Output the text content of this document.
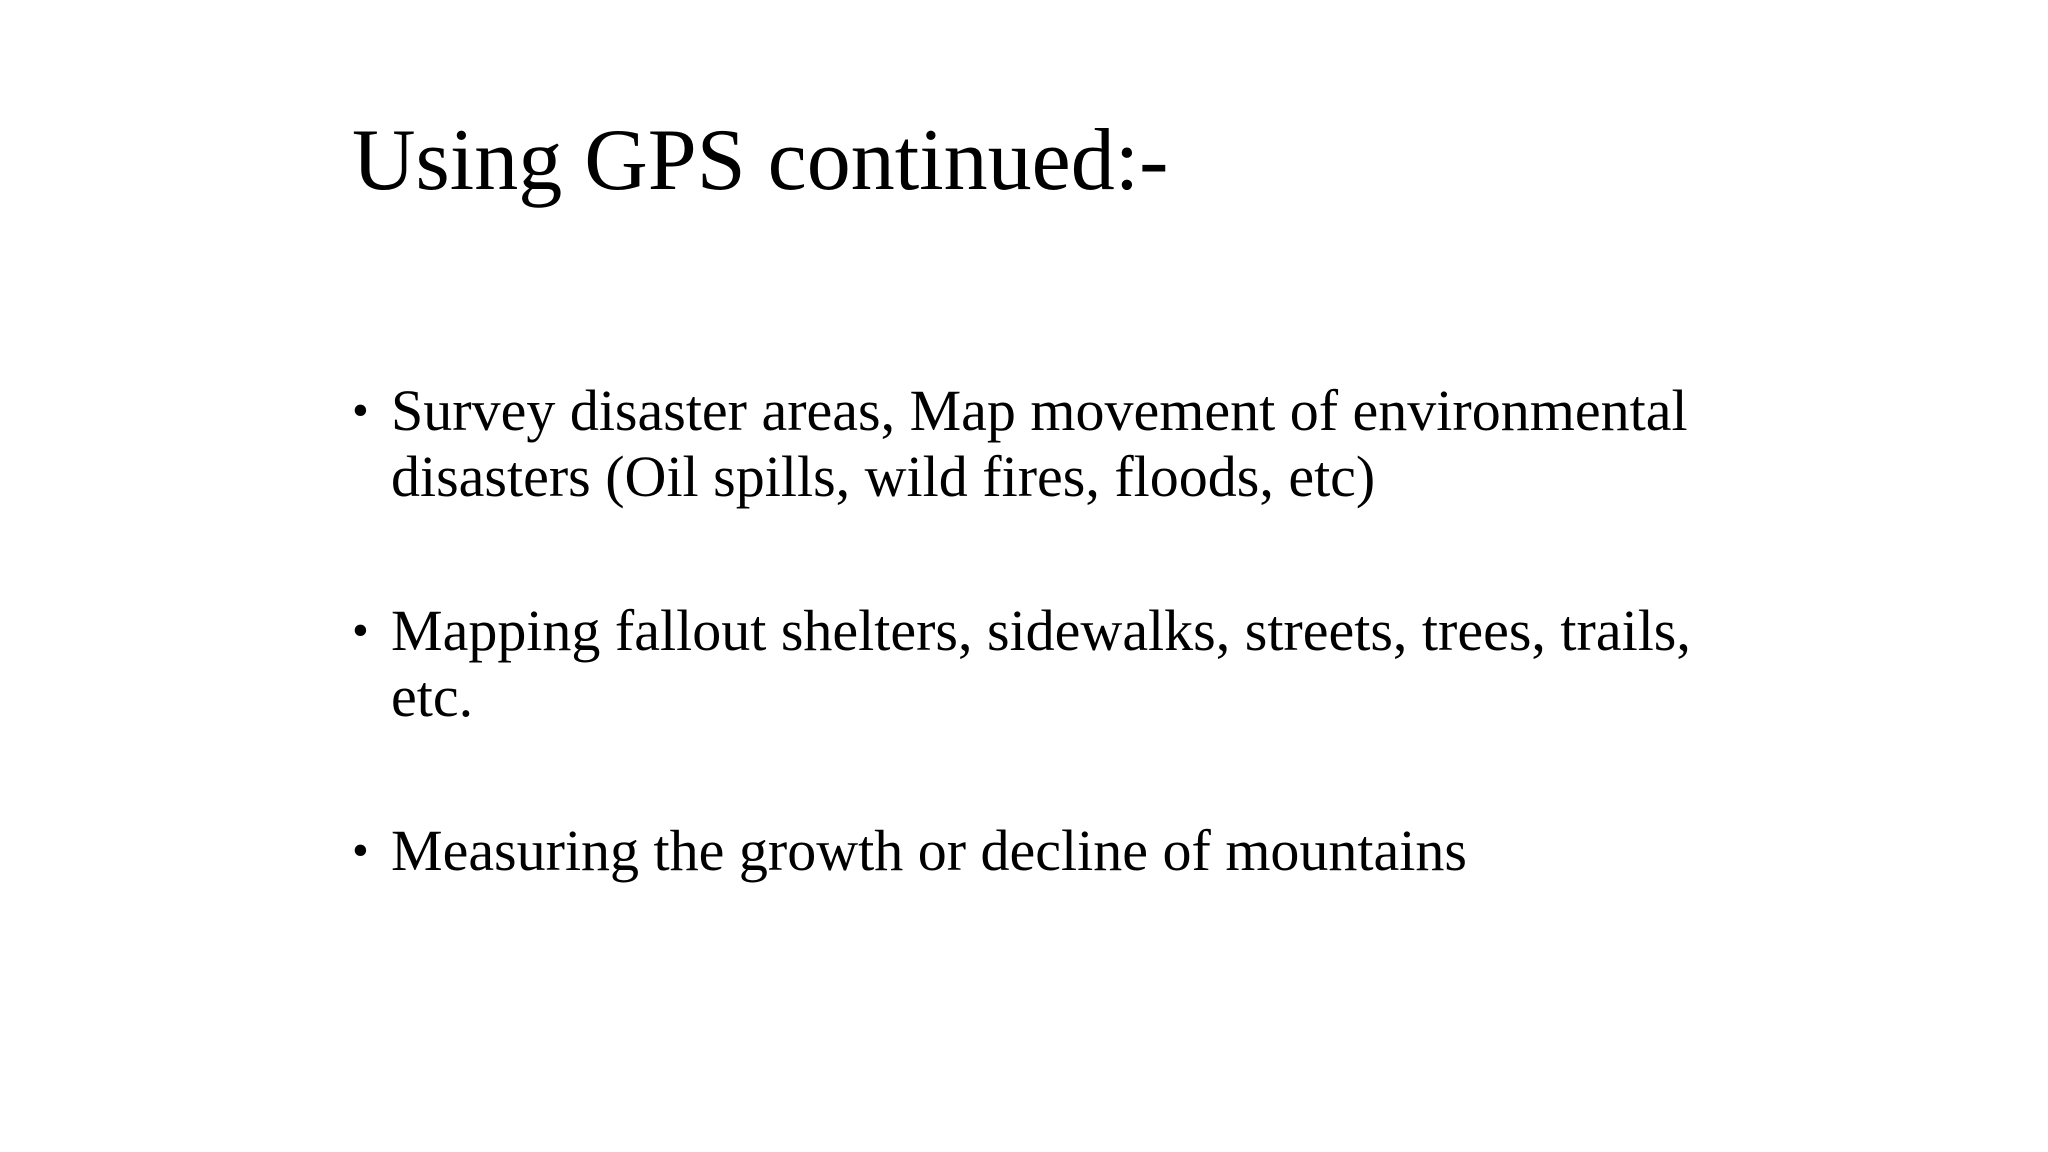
Using GPS continued:-
• Survey disaster areas, Map movement of environmental disasters (Oil spills, wild fires, floods, etc)
• Mapping fallout shelters, sidewalks, streets, trees, trails, etc.
• Measuring the growth or decline of mountains
